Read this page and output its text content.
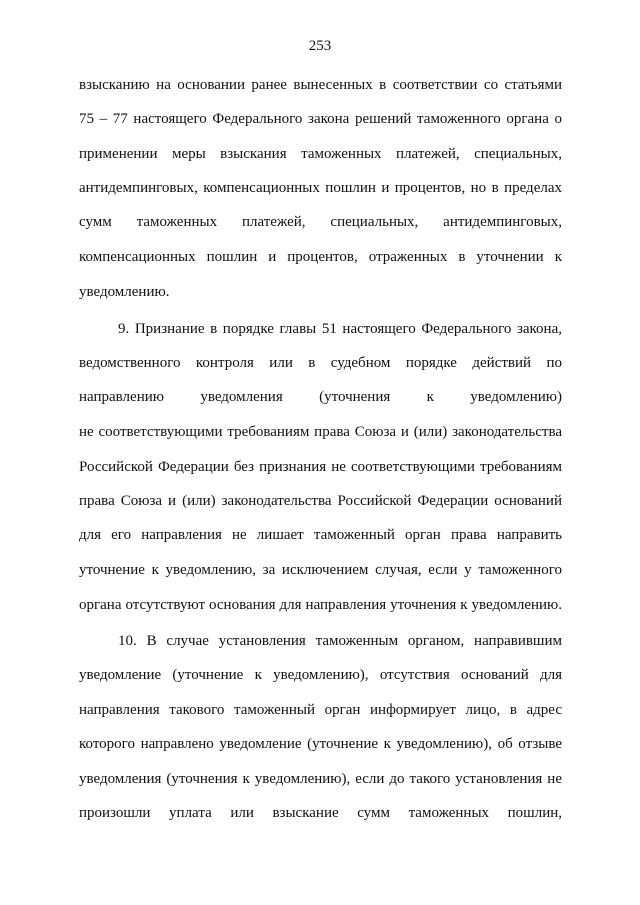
253
взысканию на основании ранее вынесенных в соответствии со статьями
75 – 77 настоящего Федерального закона решений таможенного органа о
применении меры взыскания таможенных платежей, специальных,
антидемпинговых, компенсационных пошлин и процентов, но в пределах
сумм таможенных платежей, специальных, антидемпинговых,
компенсационных пошлин и процентов, отраженных в уточнении к
уведомлению.
9. Признание в порядке главы 51 настоящего Федерального закона,
ведомственного контроля или в судебном порядке действий по
направлению уведомления (уточнения к уведомлению)
не соответствующими требованиям права Союза и (или) законодательства
Российской Федерации без признания не соответствующими требованиям
права Союза и (или) законодательства Российской Федерации оснований
для его направления не лишает таможенный орган права направить
уточнение к уведомлению, за исключением случая, если у таможенного
органа отсутствуют основания для направления уточнения к уведомлению.
10. В случае установления таможенным органом, направившим
уведомление (уточнение к уведомлению), отсутствия оснований для
направления такового таможенный орган информирует лицо, в адрес
которого направлено уведомление (уточнение к уведомлению), об отзыве
уведомления (уточнения к уведомлению), если до такого установления не
произошли уплата или взыскание сумм таможенных пошлин,
